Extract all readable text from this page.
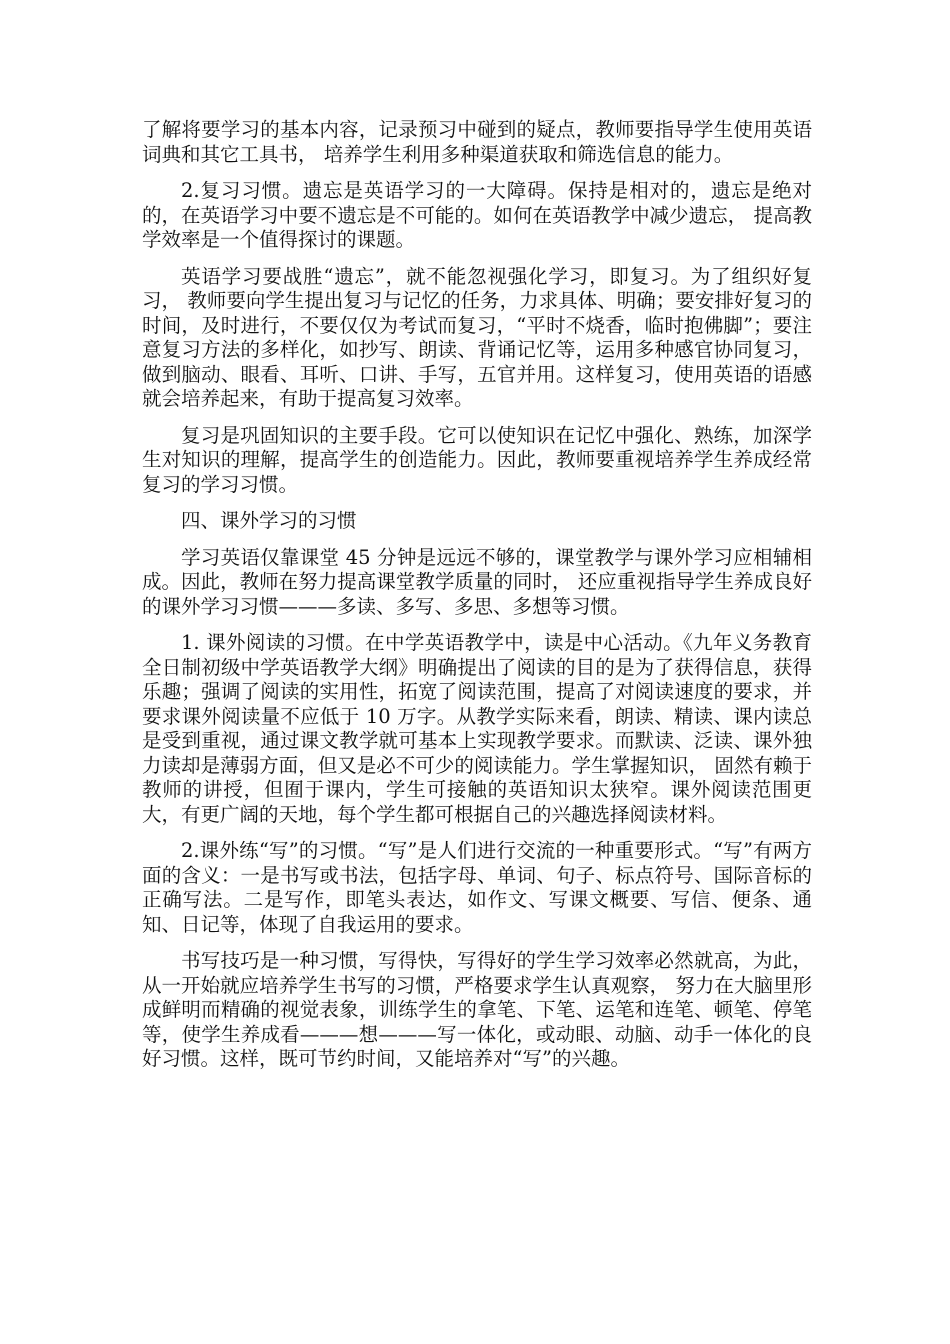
了解将要学习的基本内容，记录预习中碰到的疑点，教师要指导学生使用英语词典和其它工具书， 培养学生利用多种渠道获取和筛选信息的能力。

2.复习习惯。遗忘是英语学习的一大障碍。保持是相对的，遗忘是绝对的，在英语学习中要不遗忘是不可能的。如何在英语教学中减少遗忘， 提高教学效率是一个值得探讨的课题。

英语学习要战胜“遗忘”，就不能忽视强化学习，即复习。为了组织好复习， 教师要向学生提出复习与记忆的任务，力求具体、明确；要安排好复习的时间，及时进行，不要仅仅为考试而复习，“平时不烧香，临时抱佛脚”；要注意复习方法的多样化，如抄写、朗读、背诵记忆等，运用多种感官协同复习，做到脑动、眼看、耳听、口讲、手写，五官并用。这样复习，使用英语的语感就会培养起来，有助于提高复习效率。

复习是巩固知识的主要手段。它可以使知识在记忆中强化、熟练，加深学生对知识的理解，提高学生的创造能力。因此，教师要重视培养学生养成经常复习的学习习惯。

四、课外学习的习惯

学习英语仅靠课堂 45 分钟是远远不够的，课堂教学与课外学习应相辅相成。因此，教师在努力提高课堂教学质量的同时， 还应重视指导学生养成良好的课外学习习惯———多读、多写、多思、多想等习惯。

1. 课外阅读的习惯。在中学英语教学中，读是中心活动。《九年义务教育全日制初级中学英语教学大纲》明确提出了阅读的目的是为了获得信息，获得乐趣；强调了阅读的实用性，拓宽了阅读范围，提高了对阅读速度的要求，并要求课外阅读量不应低于 10 万字。从教学实际来看，朗读、精读、课内读总是受到重视，通过课文教学就可基本上实现教学要求。而默读、泛读、课外独力读却是薄弱方面，但又是必不可少的阅读能力。学生掌握知识， 固然有赖于教师的讲授，但囿于课内，学生可接触的英语知识太狭窄。课外阅读范围更大，有更广阔的天地，每个学生都可根据自己的兴趣选择阅读材料。

2.课外练“写”的习惯。“写”是人们进行交流的一种重要形式。“写”有两方面的含义：一是书写或书法，包括字母、单词、句子、标点符号、国际音标的正确写法。二是写作，即笔头表达，如作文、写课文概要、写信、便条、通知、日记等，体现了自我运用的要求。

书写技巧是一种习惯，写得快，写得好的学生学习效率必然就高，为此，从一开始就应培养学生书写的习惯，严格要求学生认真观察， 努力在大脑里形成鲜明而精确的视觉表象，训练学生的拿笔、下笔、运笔和连笔、顿笔、停笔等，使学生养成看———想———写一体化，或动眼、动脑、动手一体化的良好习惯。这样，既可节约时间，又能培养对“写”的兴趣。
